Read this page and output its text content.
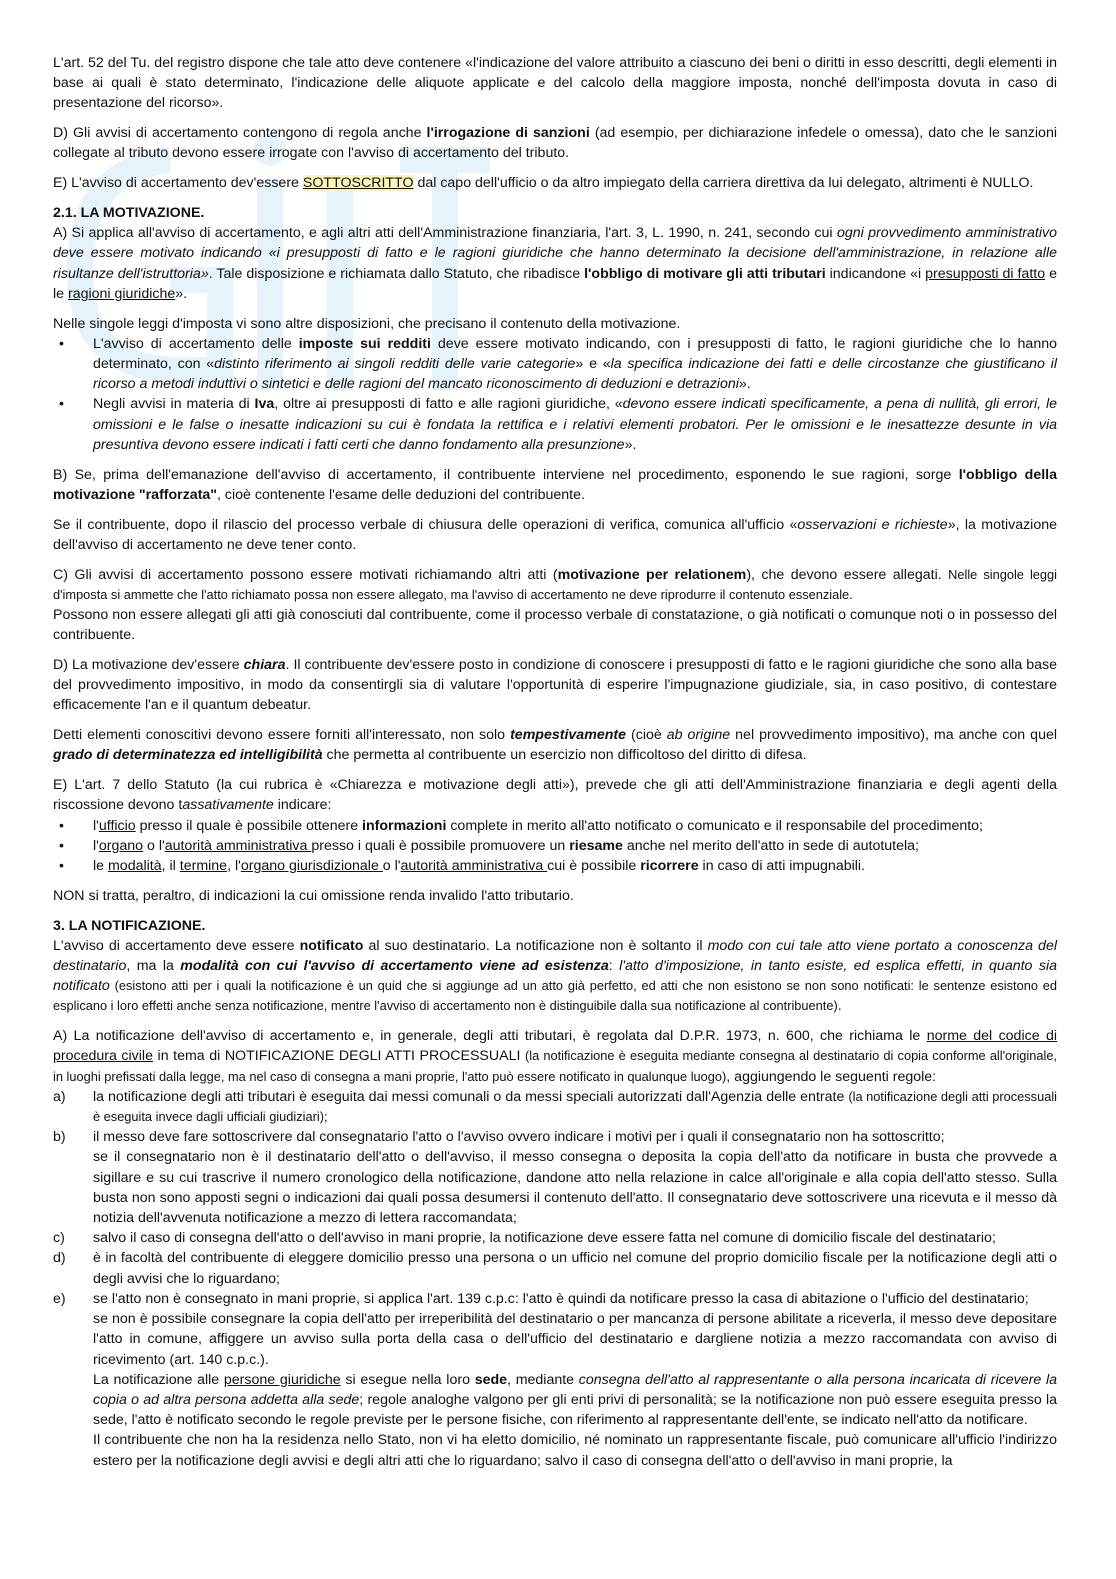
L'art. 52 del Tu. del registro dispone che tale atto deve contenere «l'indicazione del valore attribuito a ciascuno dei beni o diritti in esso descritti, degli elementi in base ai quali è stato determinato, l'indicazione delle aliquote applicate e del calcolo della maggiore imposta, nonché dell'imposta dovuta in caso di presentazione del ricorso».

D) Gli avvisi di accertamento contengono di regola anche l'irrogazione di sanzioni (ad esempio, per dichiarazione infedele o omessa), dato che le sanzioni collegate al tributo devono essere irrogate con l'avviso di accertamento del tributo.

E) L'avviso di accertamento dev'essere SOTTOSCRITTO dal capo dell'ufficio o da altro impiegato della carriera direttiva da lui delegato, altrimenti è NULLO.

2.1. LA MOTIVAZIONE.

A) Si applica all'avviso di accertamento, e agli altri atti dell'Amministrazione finanziaria, l'art. 3, L. 1990, n. 241, secondo cui ogni provvedimento amministrativo deve essere motivato indicando «i presupposti di fatto e le ragioni giuridiche che hanno determinato la decisione dell'amministrazione, in relazione alle risultanze dell'istruttoria». Tale disposizione e richiamata dallo Statuto, che ribadisce l'obbligo di motivare gli atti tributari indicandone «i presupposti di fatto e le ragioni giuridiche».

Nelle singole leggi d'imposta vi sono altre disposizioni, che precisano il contenuto della motivazione.

• L'avviso di accertamento delle imposte sui redditi deve essere motivato indicando, con i presupposti di fatto, le ragioni giuridiche che lo hanno determinato, con «distinto riferimento ai singoli redditi delle varie categorie» e «la specifica indicazione dei fatti e delle circostanze che giustificano il ricorso a metodi induttivi o sintetici e delle ragioni del mancato riconoscimento di deduzioni e detrazioni».
• Negli avvisi in materia di Iva, oltre ai presupposti di fatto e alle ragioni giuridiche, «devono essere indicati specificamente, a pena di nullità, gli errori, le omissioni e le false o inesatte indicazioni su cui è fondata la rettifica e i relativi elementi probatori. Per le omissioni e le inesattezze desunte in via presuntiva devono essere indicati i fatti certi che danno fondamento alla presunzione».

B) Se, prima dell'emanazione dell'avviso di accertamento, il contribuente interviene nel procedimento, esponendo le sue ragioni, sorge l'obbligo della motivazione "rafforzata", cioè contenente l'esame delle deduzioni del contribuente.

Se il contribuente, dopo il rilascio del processo verbale di chiusura delle operazioni di verifica, comunica all'ufficio «osservazioni e richieste», la motivazione dell'avviso di accertamento ne deve tener conto.

C) Gli avvisi di accertamento possono essere motivati richiamando altri atti (motivazione per relationem), che devono essere allegati. Nelle singole leggi d'imposta si ammette che l'atto richiamato possa non essere allegato, ma l'avviso di accertamento ne deve riprodurre il contenuto essenziale.
Possono non essere allegati gli atti già conosciuti dal contribuente, come il processo verbale di constatazione, o già notificati o comunque noti o in possesso del contribuente.

D) La motivazione dev'essere chiara. Il contribuente dev'essere posto in condizione di conoscere i presupposti di fatto e le ragioni giuridiche che sono alla base del provvedimento impositivo, in modo da consentirgli sia di valutare l'opportunità di esperire l'impugnazione giudiziale, sia, in caso positivo, di contestare efficacemente l'an e il quantum debeatur.

Detti elementi conoscitivi devono essere forniti all'interessato, non solo tempestivamente (cioè ab origine nel provvedimento impositivo), ma anche con quel grado di determinatezza ed intelligibilità che permetta al contribuente un esercizio non difficoltoso del diritto di difesa.

E) L'art. 7 dello Statuto (la cui rubrica è «Chiarezza e motivazione degli atti»), prevede che gli atti dell'Amministrazione finanziaria e degli agenti della riscossione devono tassativamente indicare:

• l'ufficio presso il quale è possibile ottenere informazioni complete in merito all'atto notificato o comunicato e il responsabile del procedimento;
• l'organo o l'autorità amministrativa presso i quali è possibile promuovere un riesame anche nel merito dell'atto in sede di autotutela;
• le modalità, il termine, l'organo giurisdizionale o l'autorità amministrativa cui è possibile ricorrere in caso di atti impugnabili.

NON si tratta, peraltro, di indicazioni la cui omissione renda invalido l'atto tributario.

3. LA NOTIFICAZIONE.

L'avviso di accertamento deve essere notificato al suo destinatario. La notificazione non è soltanto il modo con cui tale atto viene portato a conoscenza del destinatario, ma la modalità con cui l'avviso di accertamento viene ad esistenza: l'atto d'imposizione, in tanto esiste, ed esplica effetti, in quanto sia notificato (esistono atti per i quali la notificazione è un quid che si aggiunge ad un atto già perfetto, ed atti che non esistono se non sono notificati: le sentenze esistono ed esplicano i loro effetti anche senza notificazione, mentre l'avviso di accertamento non è distinguibile dalla sua notificazione al contribuente).

A) La notificazione dell'avviso di accertamento e, in generale, degli atti tributari, è regolata dal D.P.R. 1973, n. 600, che richiama le norme del codice di procedura civile in tema di NOTIFICAZIONE DEGLI ATTI PROCESSUALI (la notificazione è eseguita mediante consegna al destinatario di copia conforme all'originale, in luoghi prefissati dalla legge, ma nel caso di consegna a mani proprie, l'atto può essere notificato in qualunque luogo), aggiungendo le seguenti regole:

a) la notificazione degli atti tributari è eseguita dai messi comunali o da messi speciali autorizzati dall'Agenzia delle entrate (la notificazione degli atti processuali è eseguita invece dagli ufficiali giudiziari);
b) il messo deve fare sottoscrivere dal consegnatario l'atto o l'avviso ovvero indicare i motivi per i quali il consegnatario non ha sottoscritto;
se il consegnatario non è il destinatario dell'atto o dell'avviso, il messo consegna o deposita la copia dell'atto da notificare in busta che provvede a sigillare e su cui trascrive il numero cronologico della notificazione, dandone atto nella relazione in calce all'originale e alla copia dell'atto stesso. Sulla busta non sono apposti segni o indicazioni dai quali possa desumersi il contenuto dell'atto. Il consegnatario deve sottoscrivere una ricevuta e il messo dà notizia dell'avvenuta notificazione a mezzo di lettera raccomandata;
c) salvo il caso di consegna dell'atto o dell'avviso in mani proprie, la notificazione deve essere fatta nel comune di domicilio fiscale del destinatario;
d) è in facoltà del contribuente di eleggere domicilio presso una persona o un ufficio nel comune del proprio domicilio fiscale per la notificazione degli atti o degli avvisi che lo riguardano;
e) se l'atto non è consegnato in mani proprie, si applica l'art. 139 c.p.c: l'atto è quindi da notificare presso la casa di abitazione o l'ufficio del destinatario;
se non è possibile consegnare la copia dell'atto per irreperibilità del destinatario o per mancanza di persone abilitate a riceverla, il messo deve depositare l'atto in comune, affiggere un avviso sulla porta della casa o dell'ufficio del destinatario e dargliene notizia a mezzo raccomandata con avviso di ricevimento (art. 140 c.p.c.).
La notificazione alle persone giuridiche si esegue nella loro sede, mediante consegna dell'atto al rappresentante o alla persona incaricata di ricevere la copia o ad altra persona addetta alla sede; regole analoghe valgono per gli enti privi di personalità; se la notificazione non può essere eseguita presso la sede, l'atto è notificato secondo le regole previste per le persone fisiche, con riferimento al rappresentante dell'ente, se indicato nell'atto da notificare.
Il contribuente che non ha la residenza nello Stato, non vi ha eletto domicilio, né nominato un rappresentante fiscale, può comunicare all'ufficio l'indirizzo estero per la notificazione degli avvisi e degli altri atti che lo riguardano; salvo il caso di consegna dell'atto o dell'avviso in mani proprie, la
